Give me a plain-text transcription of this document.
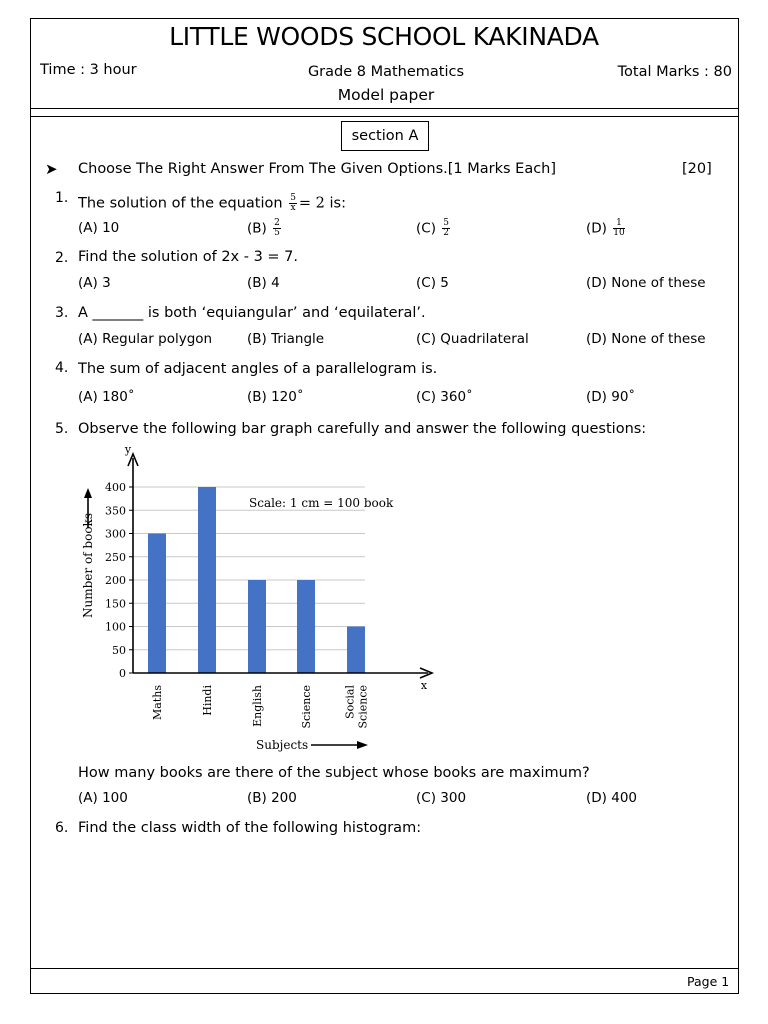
LITTLE WOODS SCHOOL KAKINADA
Time : 3 hour	Grade 8 Mathematics	Total Marks : 80
Model paper
section A
➤ Choose The Right Answer From The Given Options.[1 Marks Each]	[20]
1. The solution of the equation $\frac{5}{x} = 2$ is:
(A) 10	$(B) \frac{2}{5}$	$(C) \frac{5}{2}$	$(D) \frac{1}{10}$
2. Find the solution of 2x - 3 = 7.
(A) 3	(B) 4	(C) 5	(D) None of these
3. A _______ is both ‘equiangular’ and ‘equilateral’.
(A) Regular polygon	(B) Triangle	(C) Quadrilateral	(D) None of these
4. The sum of adjacent angles of a parallelogram is.
(A) 180˚	(B) 120˚	(C) 360˚	(D) 90˚
5. Observe the following bar graph carefully and answer the following questions:
0
50
100
150
200
250
300
350
400
Maths	Hindi	English	Science	Social Science
y
x
Scale: 1 cm = 100 book
Number of books
Subjects
How many books are there of the subject whose books are maximum?
(A) 100	(B) 200	(C) 300	(D) 400
6. Find the class width of the following histogram:
Page 1
